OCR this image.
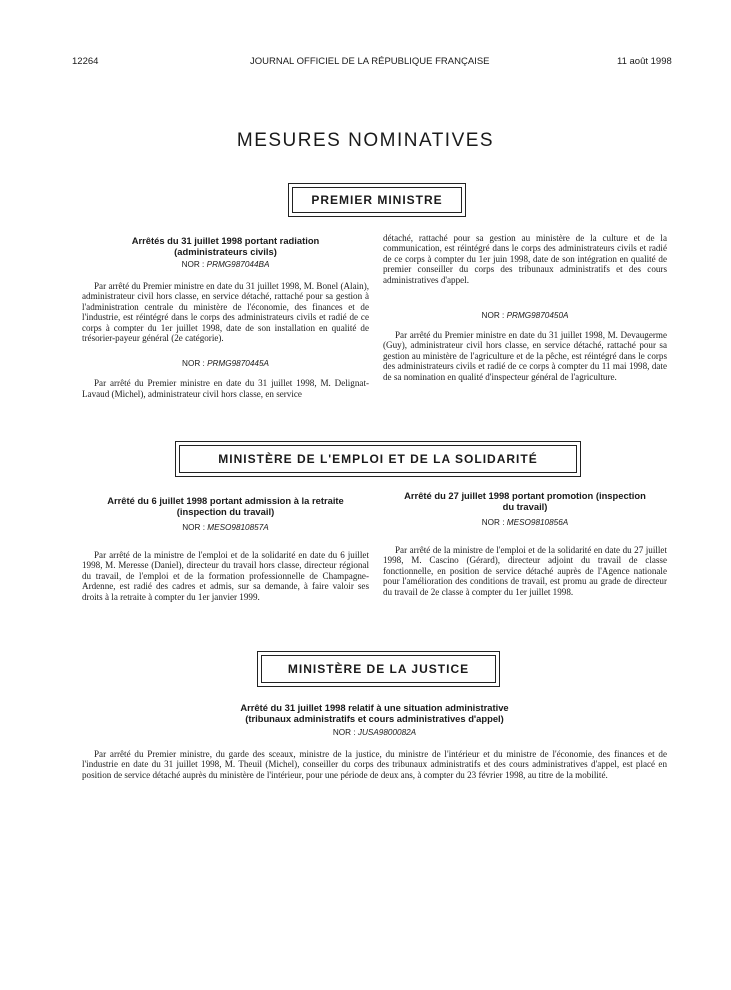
12264	JOURNAL OFFICIEL DE LA RÉPUBLIQUE FRANÇAISE	11 août 1998
MESURES NOMINATIVES
PREMIER MINISTRE
Arrêtés du 31 juillet 1998 portant radiation (administrateurs civils)
NOR : PRMG987044BA

Par arrêté du Premier ministre en date du 31 juillet 1998, M. Bonel (Alain), administrateur civil hors classe, en service détaché, rattaché pour sa gestion à l'administration centrale du ministère de l'économie, des finances et de l'industrie, est réintégré dans le corps des administrateurs civils et radié de ce corps à compter du 1er juillet 1998, date de son installation en qualité de trésorier-payeur général (2e catégorie).

NOR : PRMG9870445A

Par arrêté du Premier ministre en date du 31 juillet 1998, M. Delignat-Lavaud (Michel), administrateur civil hors classe, en service

détaché, rattaché pour sa gestion au ministère de la culture et de la communication, est réintégré dans le corps des administrateurs civils et radié de ce corps à compter du 1er juin 1998, date de son intégration en qualité de premier conseiller du corps des tribunaux administratifs et des cours administratives d'appel.

NOR : PRMG9870450A

Par arrêté du Premier ministre en date du 31 juillet 1998, M. Devaugerme (Guy), administrateur civil hors classe, en service détaché, rattaché pour sa gestion au ministère de l'agriculture et de la pêche, est réintégré dans le corps des administrateurs civils et radié de ce corps à compter du 11 mai 1998, date de sa nomination en qualité d'inspecteur général de l'agriculture.

MINISTÈRE DE L'EMPLOI ET DE LA SOLIDARITÉ
Arrêté du 6 juillet 1998 portant admission à la retraite (inspection du travail)
NOR : MESO9810857A

Par arrêté de la ministre de l'emploi et de la solidarité en date du 6 juillet 1998, M. Meresse (Daniel), directeur du travail hors classe, directeur régional du travail, de l'emploi et de la formation professionnelle de Champagne-Ardenne, est radié des cadres et admis, sur sa demande, à faire valoir ses droits à la retraite à compter du 1er janvier 1999.

Arrêté du 27 juillet 1998 portant promotion (inspection du travail)
NOR : MESO9810856A

Par arrêté de la ministre de l'emploi et de la solidarité en date du 27 juillet 1998, M. Cascino (Gérard), directeur adjoint du travail de classe fonctionnelle, en position de service détaché auprès de l'Agence nationale pour l'amélioration des conditions de travail, est promu au grade de directeur du travail de 2e classe à compter du 1er juillet 1998.

MINISTÈRE DE LA JUSTICE
Arrêté du 31 juillet 1998 relatif à une situation administrative (tribunaux administratifs et cours administratives d'appel)
NOR : JUSA9800082A

Par arrêté du Premier ministre, du garde des sceaux, ministre de la justice, du ministre de l'intérieur et du ministre de l'économie, des finances et de l'industrie en date du 31 juillet 1998, M. Theuil (Michel), conseiller du corps des tribunaux administratifs et des cours administratives d'appel, est placé en position de service détaché auprès du ministère de l'intérieur, pour une période de deux ans, à compter du 23 février 1998, au titre de la mobilité.
